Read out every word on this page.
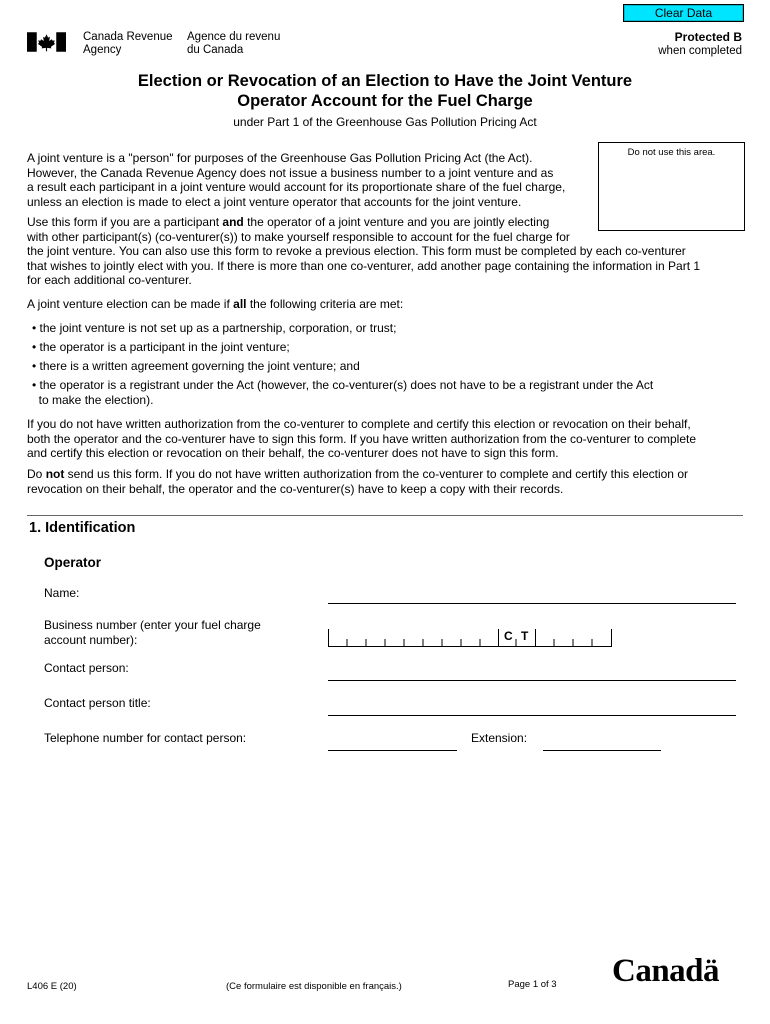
Clear Data
Canada Revenue
Agency
Agence du revenu
du Canada
Protected B
when completed
Election or Revocation of an Election to Have the Joint Venture
Operator Account for the Fuel Charge
under Part 1 of the Greenhouse Gas Pollution Pricing Act
Do not use this area.

A joint venture is a "person" for purposes of the Greenhouse Gas Pollution Pricing Act (the Act).
However, the Canada Revenue Agency does not issue a business number to a joint venture and as
a result each participant in a joint venture would account for its proportionate share of the fuel charge,
unless an election is made to elect a joint venture operator that accounts for the joint venture.

Use this form if you are a participant and the operator of a joint venture and you are jointly electing
with other participant(s) (co-venturer(s)) to make yourself responsible to account for the fuel charge for
the joint venture. You can also use this form to revoke a previous election. This form must be completed by each co-venturer
that wishes to jointly elect with you. If there is more than one co-venturer, add another page containing the information in Part 1
for each additional co-venturer.

A joint venture election can be made if all the following criteria are met:

• the joint venture is not set up as a partnership, corporation, or trust;
• the operator is a participant in the joint venture;
• there is a written agreement governing the joint venture; and
• the operator is a registrant under the Act (however, the co-venturer(s) does not have to be a registrant under the Act
to make the election).

If you do not have written authorization from the co-venturer to complete and certify this election or revocation on their behalf,
both the operator and the co-venturer have to sign this form. If you have written authorization from the co-venturer to complete
and certify this election or revocation on their behalf, the co-venturer does not have to sign this form.

Do not send us this form. If you do not have written authorization from the co-venturer to complete and certify this election or
revocation on their behalf, the operator and the co-venturer(s) have to keep a copy with their records.

1. Identification
Operator
Name:
Business number (enter your fuel charge
account number):	C T
Contact person:
Contact person title:
Telephone number for contact person:	Extension:
L406 E (20)	(Ce formulaire est disponible en français.)	Page 1 of 3 Canadä
